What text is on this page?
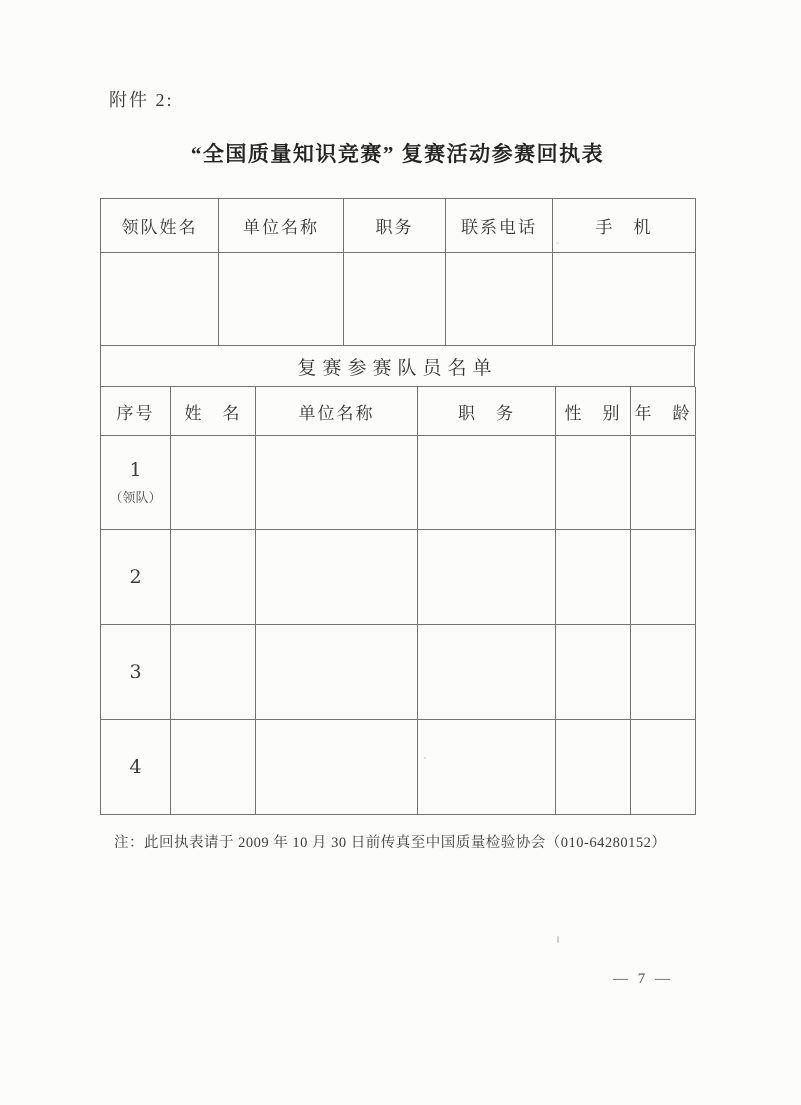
附件 2:
“全国质量知识竞赛” 复赛活动参赛回执表
领队姓名	单位名称	职务	联系电话	手　机

复赛参赛队员名单
序号	姓　名	单位名称	职　务	性　别	年　龄

1
（领队）					

2					
3					
4					
注：此回执表请于 2009 年 10 月 30 日前传真至中国质量检验协会（010-64280152）
— 7 —
